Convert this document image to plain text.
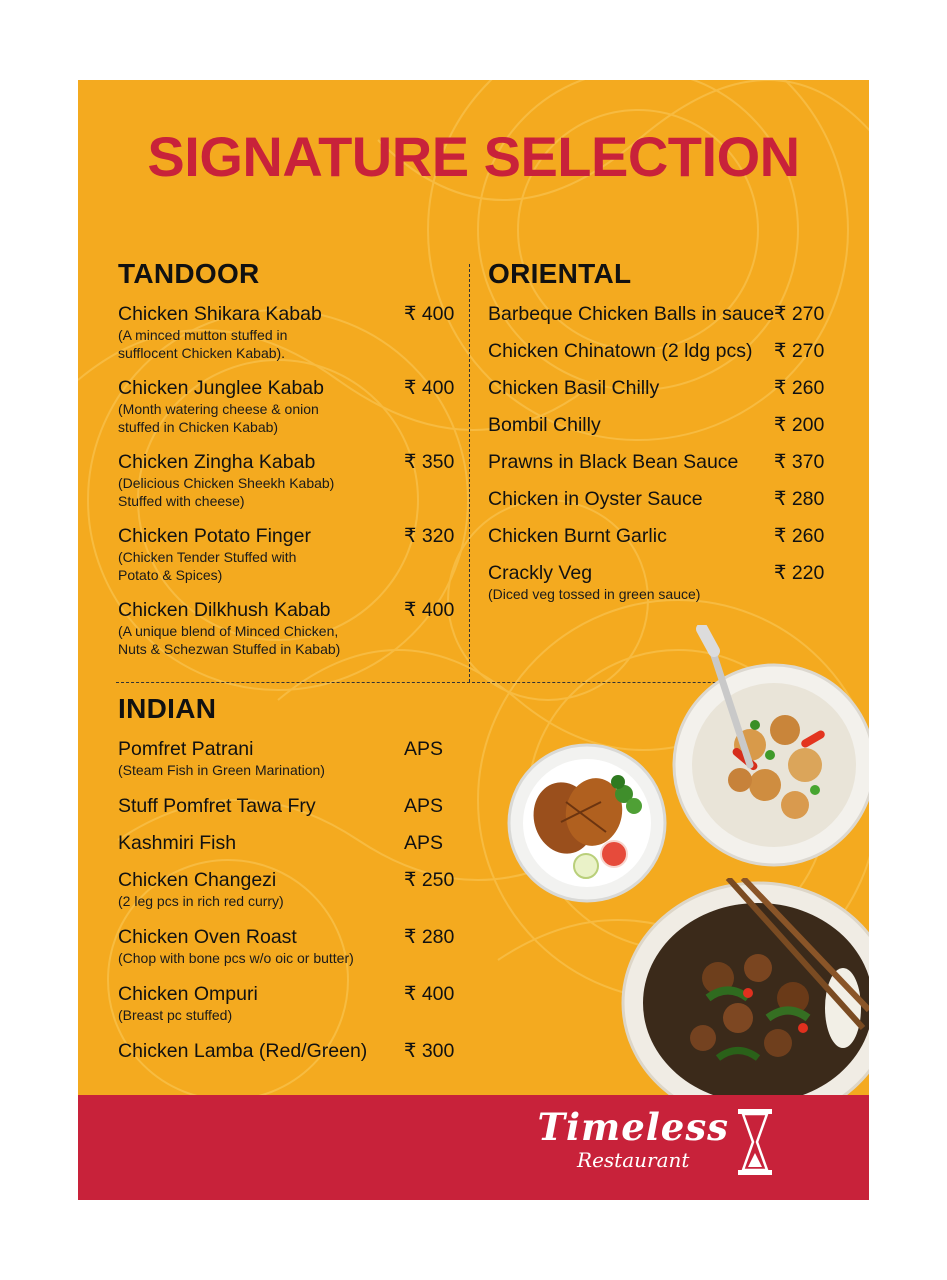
SIGNATURE SELECTION
TANDOOR	ORIENTAL
INDIAN
Chicken Shikara Kabab	₹ 400
(A minced mutton stuffed in
sufflocent Chicken Kabab).
Chicken Junglee Kabab	₹ 400
(Month watering cheese & onion
stuffed in Chicken Kabab)
Chicken Zingha Kabab	₹ 350
(Delicious Chicken Sheekh Kabab)
Stuffed with cheese)
Chicken Potato Finger	₹ 320
(Chicken Tender Stuffed with
Potato & Spices)
Chicken Dilkhush Kabab	₹ 400
(A unique blend of Minced Chicken,
Nuts & Schezwan Stuffed in Kabab)
Barbeque Chicken Balls in sauce ₹ 270
Chicken Chinatown (2 ldg pcs)	₹ 270
Chicken Basil Chilly	₹ 260
Bombil Chilly	₹ 200
Prawns in Black Bean Sauce	₹ 370
Chicken in Oyster Sauce	₹ 280
Chicken Burnt Garlic	₹ 260
Crackly Veg	₹ 220
(Diced veg tossed in green sauce)
Pomfret Patrani	APS
(Steam Fish in Green Marination)
Stuff Pomfret Tawa Fry	APS
Kashmiri Fish	APS
Chicken Changezi	₹ 250
(2 leg pcs in rich red curry)
Chicken Oven Roast	₹ 280
(Chop with bone pcs w/o oic or butter)
Chicken Ompuri	₹ 400
(Breast pc stuffed)
Chicken Lamba (Red/Green)	₹ 300
Timeless
Restaurant
